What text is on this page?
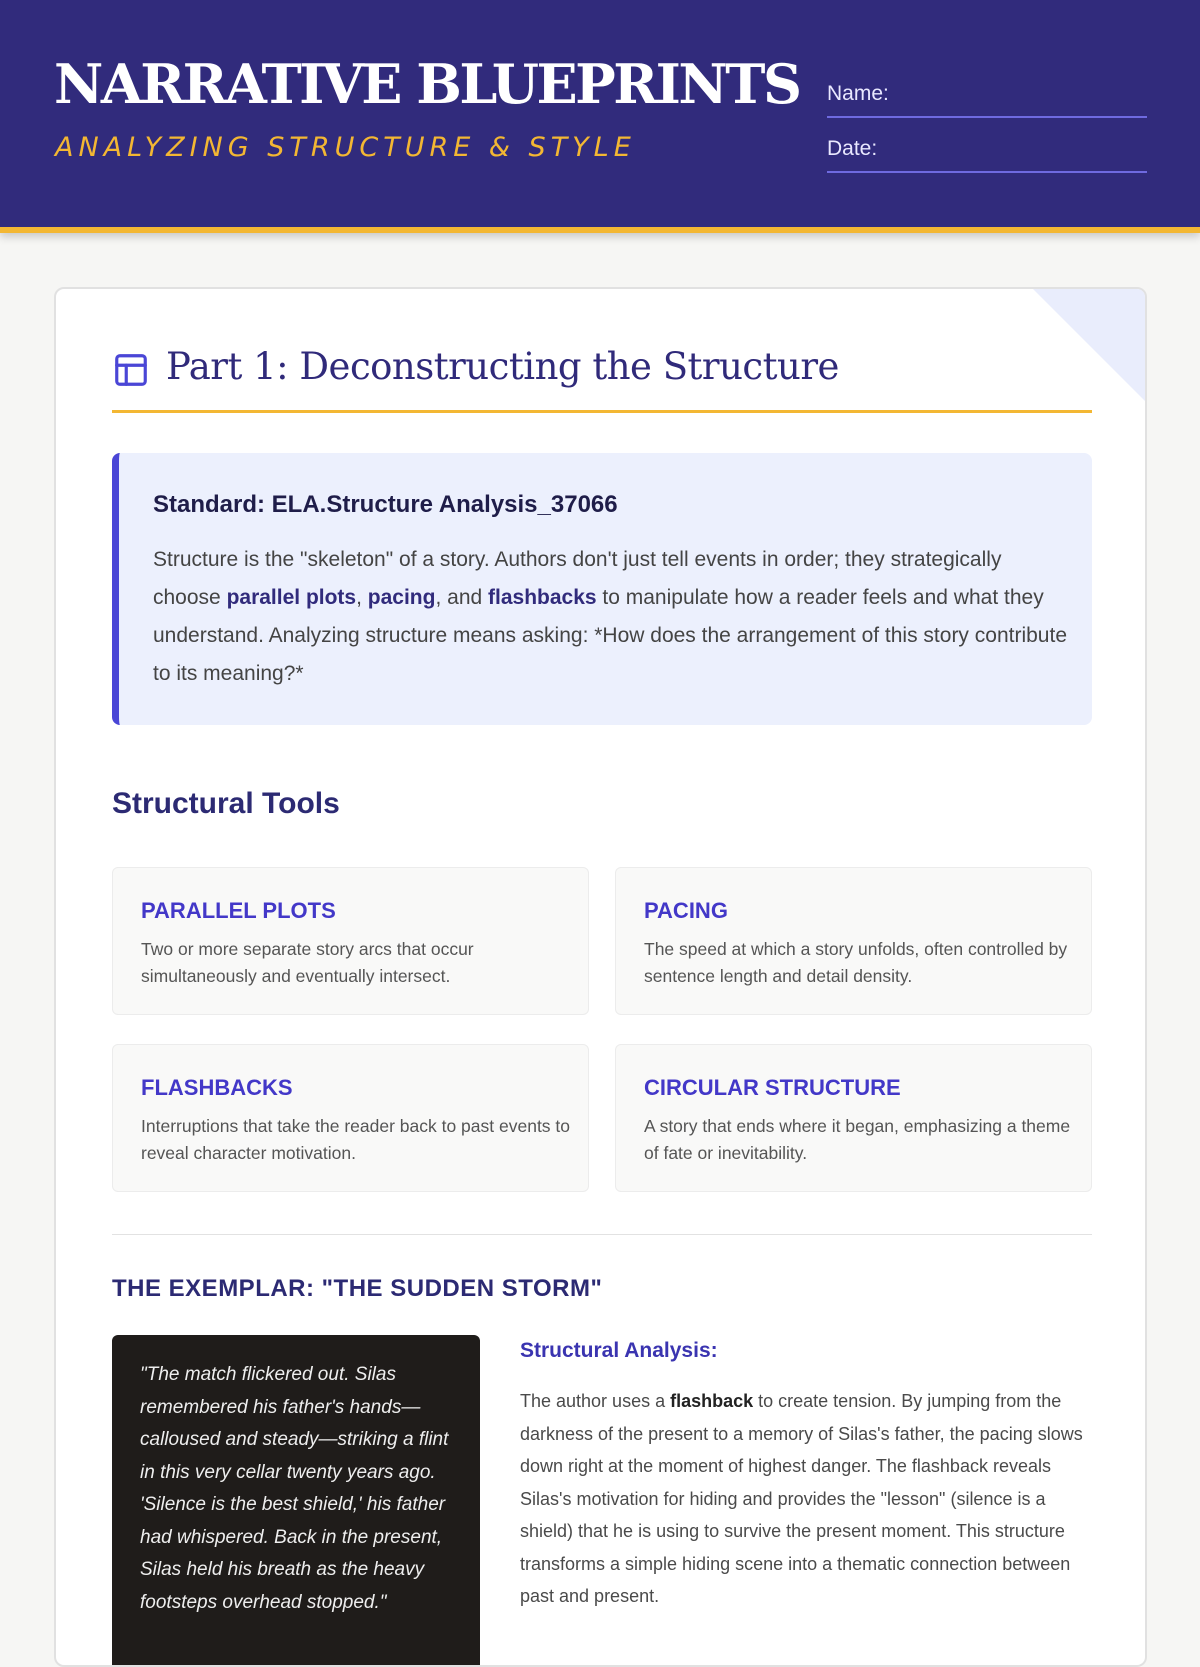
NARRATIVE BLUEPRINTS
ANALYZING STRUCTURE & STYLE
Name:
Date:
Part 1: Deconstructing the Structure
Standard: ELA.Structure Analysis_37066
Structure is the "skeleton" of a story. Authors don't just tell events in order; they strategically choose parallel plots, pacing, and flashbacks to manipulate how a reader feels and what they understand. Analyzing structure means asking: *How does the arrangement of this story contribute to its meaning?*
Structural Tools
PARALLEL PLOTS
Two or more separate story arcs that occur simultaneously and eventually intersect.
PACING
The speed at which a story unfolds, often controlled by sentence length and detail density.
FLASHBACKS
Interruptions that take the reader back to past events to reveal character motivation.
CIRCULAR STRUCTURE
A story that ends where it began, emphasizing a theme of fate or inevitability.
THE EXEMPLAR: "THE SUDDEN STORM"
"The match flickered out. Silas remembered his father's hands—calloused and steady—striking a flint in this very cellar twenty years ago. 'Silence is the best shield,' his father had whispered. Back in the present, Silas held his breath as the heavy footsteps overhead stopped."
Structural Analysis:
The author uses a flashback to create tension. By jumping from the darkness of the present to a memory of Silas's father, the pacing slows down right at the moment of highest danger. The flashback reveals Silas's motivation for hiding and provides the "lesson" (silence is a shield) that he is using to survive the present moment. This structure transforms a simple hiding scene into a thematic connection between past and present.
